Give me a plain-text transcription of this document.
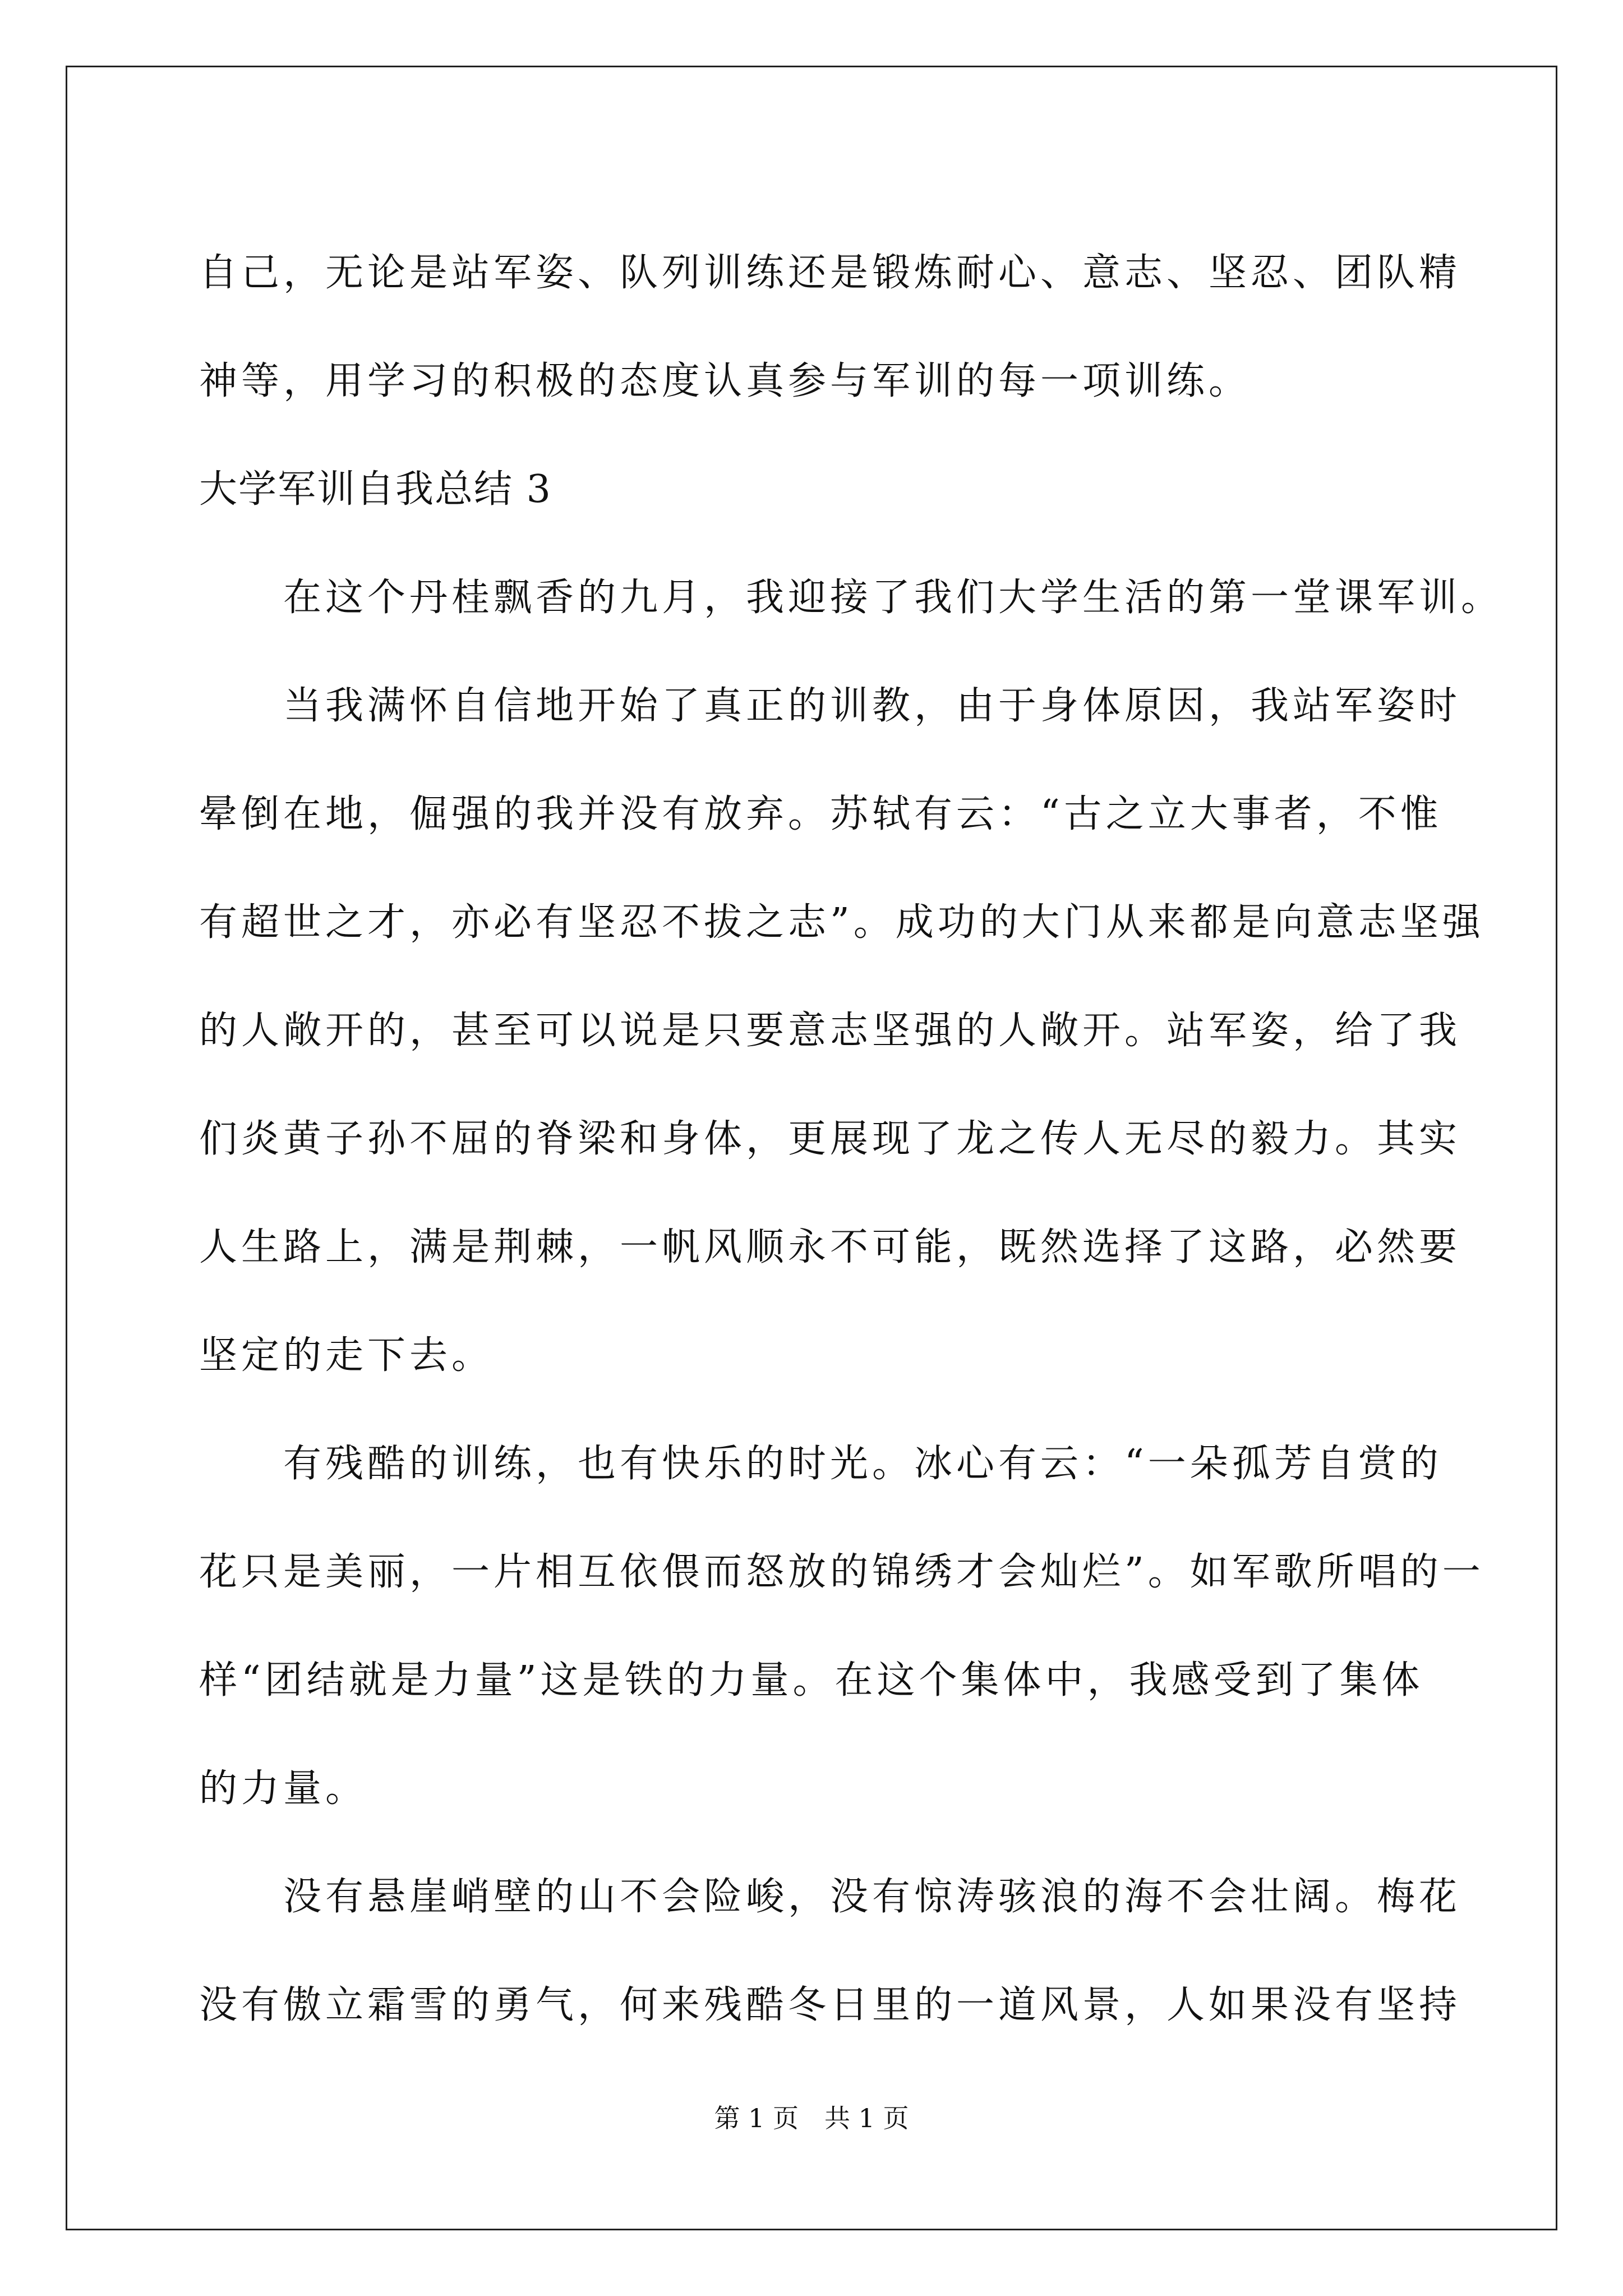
自己，无论是站军姿、队列训练还是锻炼耐心、意志、坚忍、团队精
神等，用学习的积极的态度认真参与军训的每一项训练。
大学军训自我总结 3
在这个丹桂飘香的九月，我迎接了我们大学生活的第一堂课军训。
当我满怀自信地开始了真正的训教，由于身体原因，我站军姿时
晕倒在地，倔强的我并没有放弃。苏轼有云：“古之立大事者，不惟
有超世之才，亦必有坚忍不拔之志”。成功的大门从来都是向意志坚强
的人敞开的，甚至可以说是只要意志坚强的人敞开。站军姿，给了我
们炎黄子孙不屈的脊梁和身体，更展现了龙之传人无尽的毅力。其实
人生路上，满是荆棘，一帆风顺永不可能，既然选择了这路，必然要
坚定的走下去。
有残酷的训练，也有快乐的时光。冰心有云：“一朵孤芳自赏的
花只是美丽，一片相互依偎而怒放的锦绣才会灿烂”。如军歌所唱的一
样“团结就是力量”这是铁的力量。在这个集体中，我感受到了集体
的力量。
没有悬崖峭壁的山不会险峻，没有惊涛骇浪的海不会壮阔。梅花
没有傲立霜雪的勇气，何来残酷冬日里的一道风景，人如果没有坚持
第 1 页　共 1 页
